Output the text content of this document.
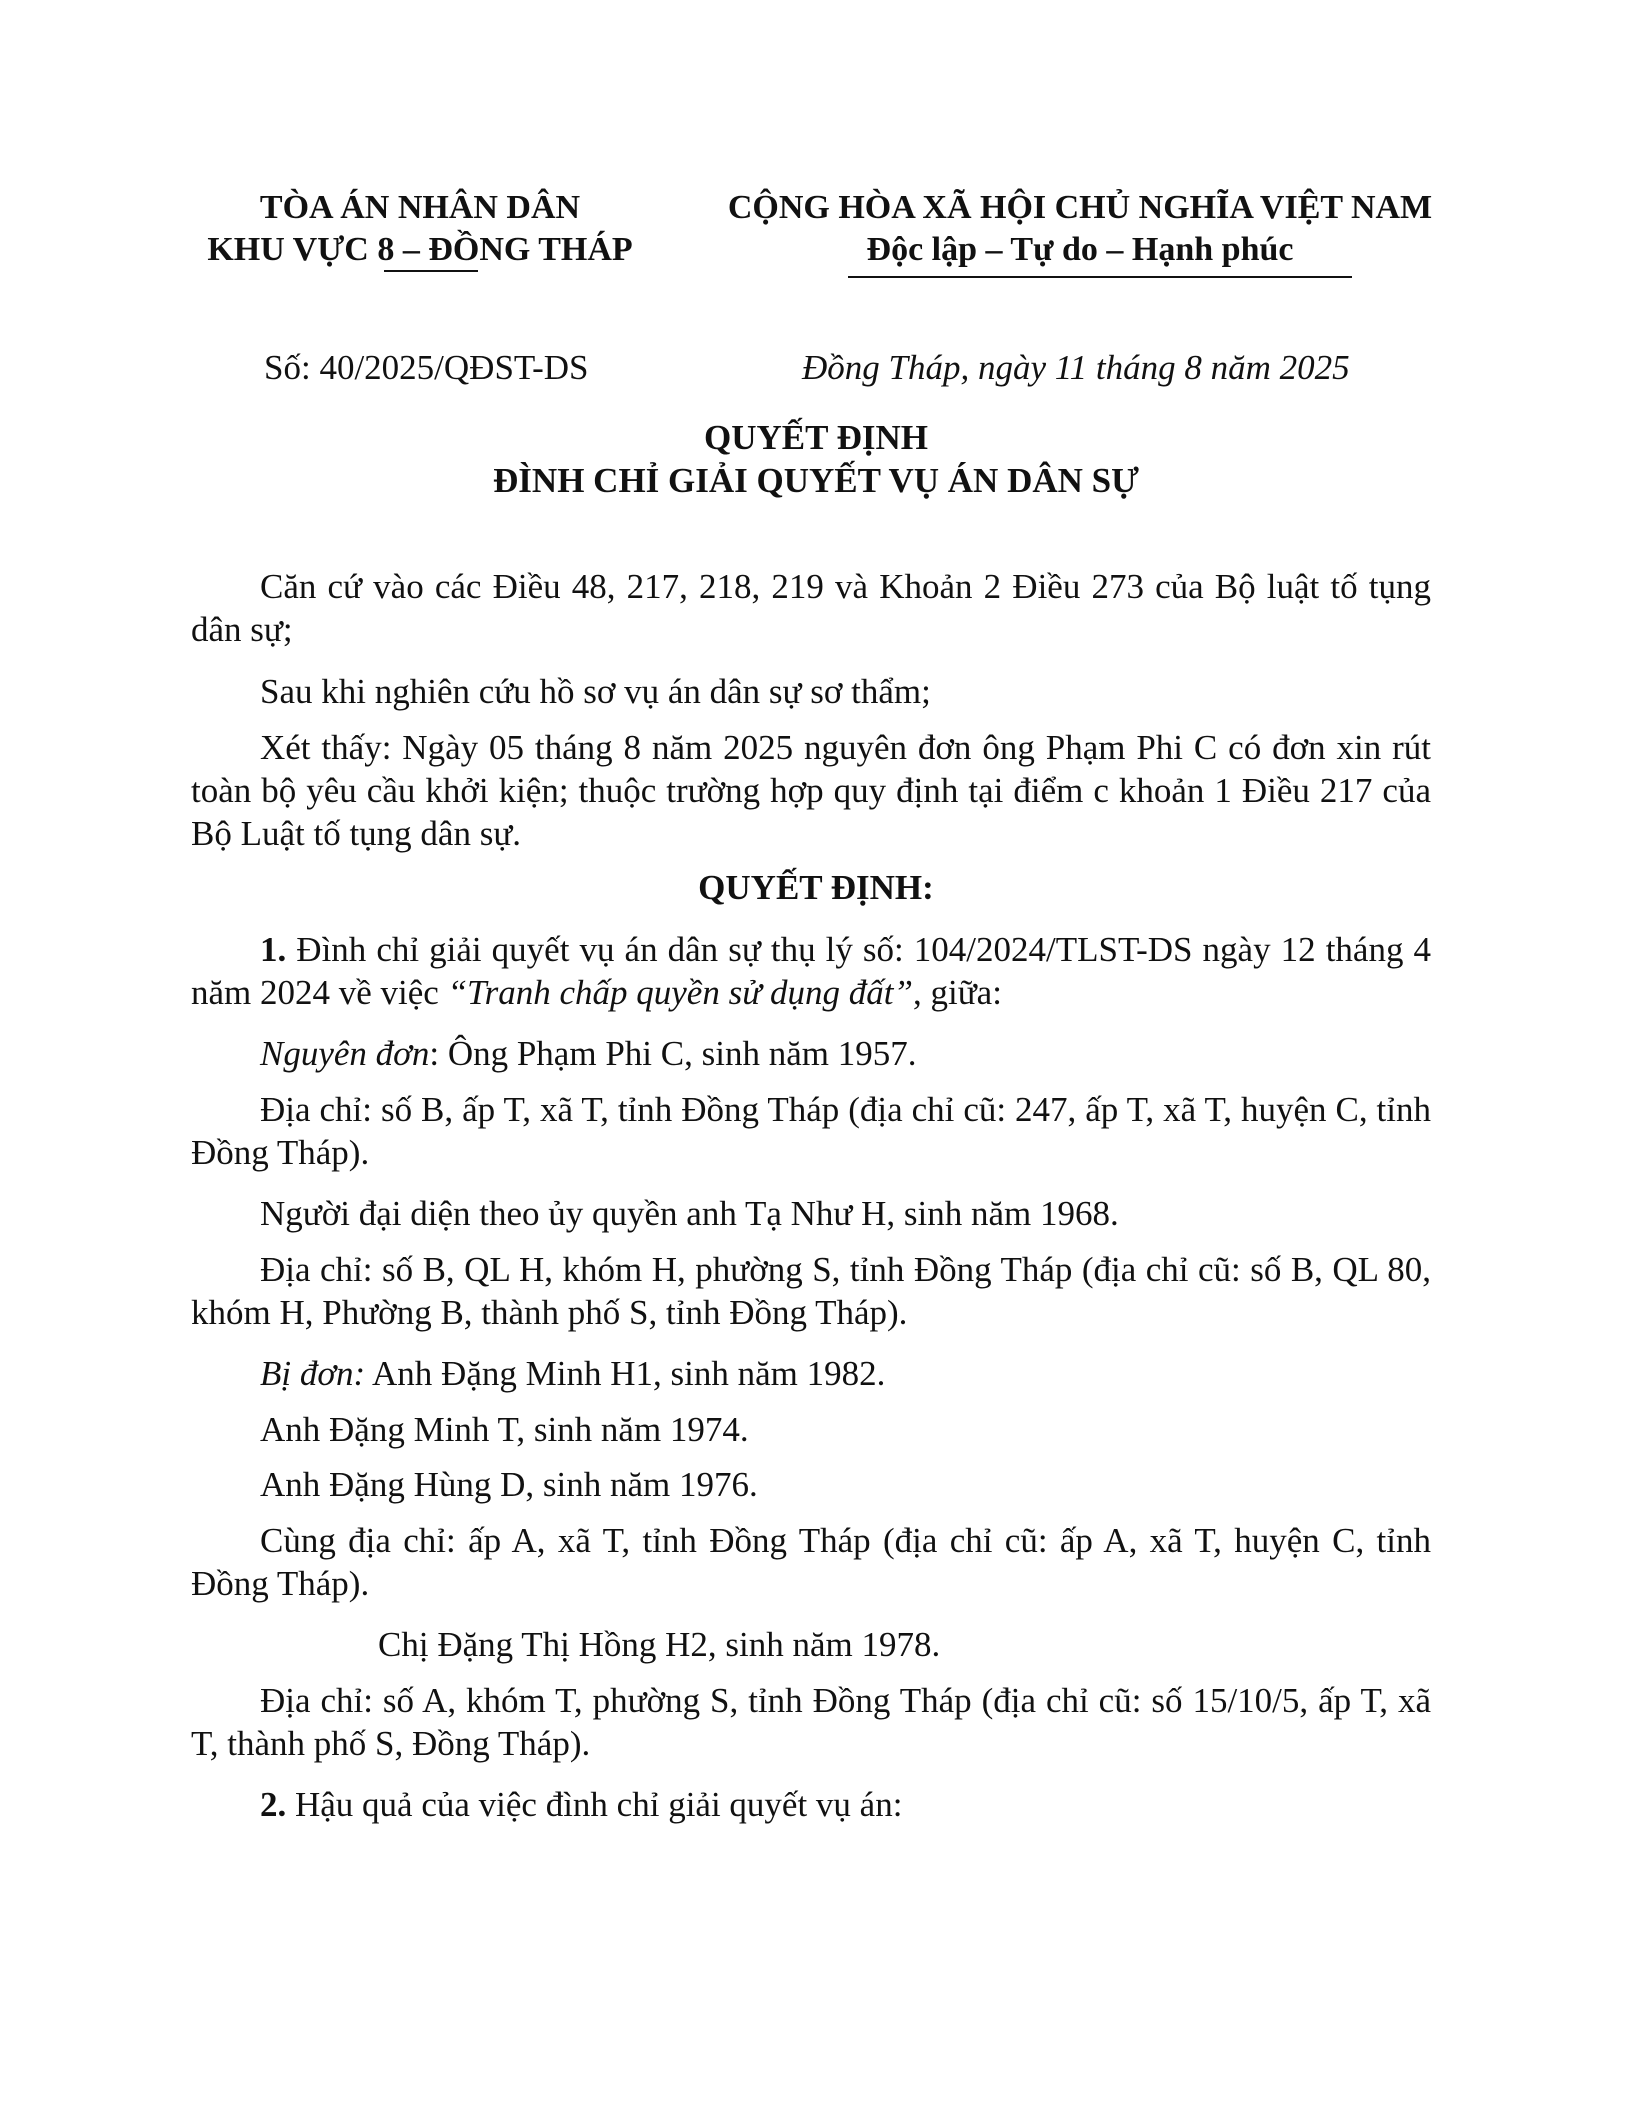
TÒA ÁN NHÂN DÂN
KHU VỰC 8 – ĐỒNG THÁP
CỘNG HÒA XÃ HỘI CHỦ NGHĨA VIỆT NAM
Độc lập – Tự do – Hạnh phúc
Số: 40/2025/QĐST-DS	Đồng Tháp, ngày 11 tháng 8 năm 2025
QUYẾT ĐỊNH
ĐÌNH CHỈ GIẢI QUYẾT VỤ ÁN DÂN SỰ
Căn cứ vào các Điều 48, 217, 218, 219 và Khoản 2 Điều 273 của Bộ luật tố tụng dân sự;
Sau khi nghiên cứu hồ sơ vụ án dân sự sơ thẩm;
Xét thấy: Ngày 05 tháng 8 năm 2025 nguyên đơn ông Phạm Phi C có đơn xin rút toàn bộ yêu cầu khởi kiện; thuộc trường hợp quy định tại điểm c khoản 1 Điều 217 của Bộ Luật tố tụng dân sự.
QUYẾT ĐỊNH:
1. Đình chỉ giải quyết vụ án dân sự thụ lý số: 104/2024/TLST-DS ngày 12 tháng 4 năm 2024 về việc “Tranh chấp quyền sử dụng đất”, giữa:
Nguyên đơn: Ông Phạm Phi C, sinh năm 1957.
Địa chỉ: số B, ấp T, xã T, tỉnh Đồng Tháp (địa chỉ cũ: 247, ấp T, xã T, huyện C, tỉnh Đồng Tháp).
Người đại diện theo ủy quyền anh Tạ Như H, sinh năm 1968.
Địa chỉ: số B, QL H, khóm H, phường S, tỉnh Đồng Tháp (địa chỉ cũ: số B, QL 80, khóm H, Phường B, thành phố S, tỉnh Đồng Tháp).
Bị đơn: Anh Đặng Minh H1, sinh năm 1982.
Anh Đặng Minh T, sinh năm 1974.
Anh Đặng Hùng D, sinh năm 1976.
Cùng địa chỉ: ấp A, xã T, tỉnh Đồng Tháp (địa chỉ cũ: ấp A, xã T, huyện C, tỉnh Đồng Tháp).
Chị Đặng Thị Hồng H2, sinh năm 1978.
Địa chỉ: số A, khóm T, phường S, tỉnh Đồng Tháp (địa chỉ cũ: số 15/10/5, ấp T, xã T, thành phố S, Đồng Tháp).
2. Hậu quả của việc đình chỉ giải quyết vụ án:
